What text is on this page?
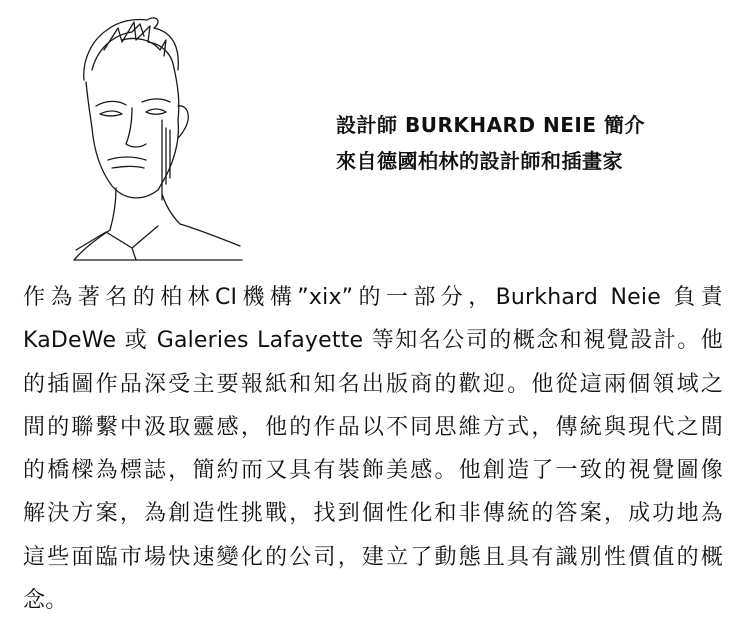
設計師 BURKHARD NEIE 簡介
來自德國柏林的設計師和插畫家
作為著名的柏林CI機構”xix”的一部分，Burkhard Neie 負責
KaDeWe 或 Galeries Lafayette 等知名公司的概念和視覺設計。他
的插圖作品深受主要報紙和知名出版商的歡迎。他從這兩個領域之
間的聯繫中汲取靈感，他的作品以不同思維方式，傳統與現代之間
的橋樑為標誌，簡約而又具有裝飾美感。他創造了一致的視覺圖像
解決方案，為創造性挑戰，找到個性化和非傳統的答案，成功地為
這些面臨市場快速變化的公司，建立了動態且具有識別性價值的概
念。
